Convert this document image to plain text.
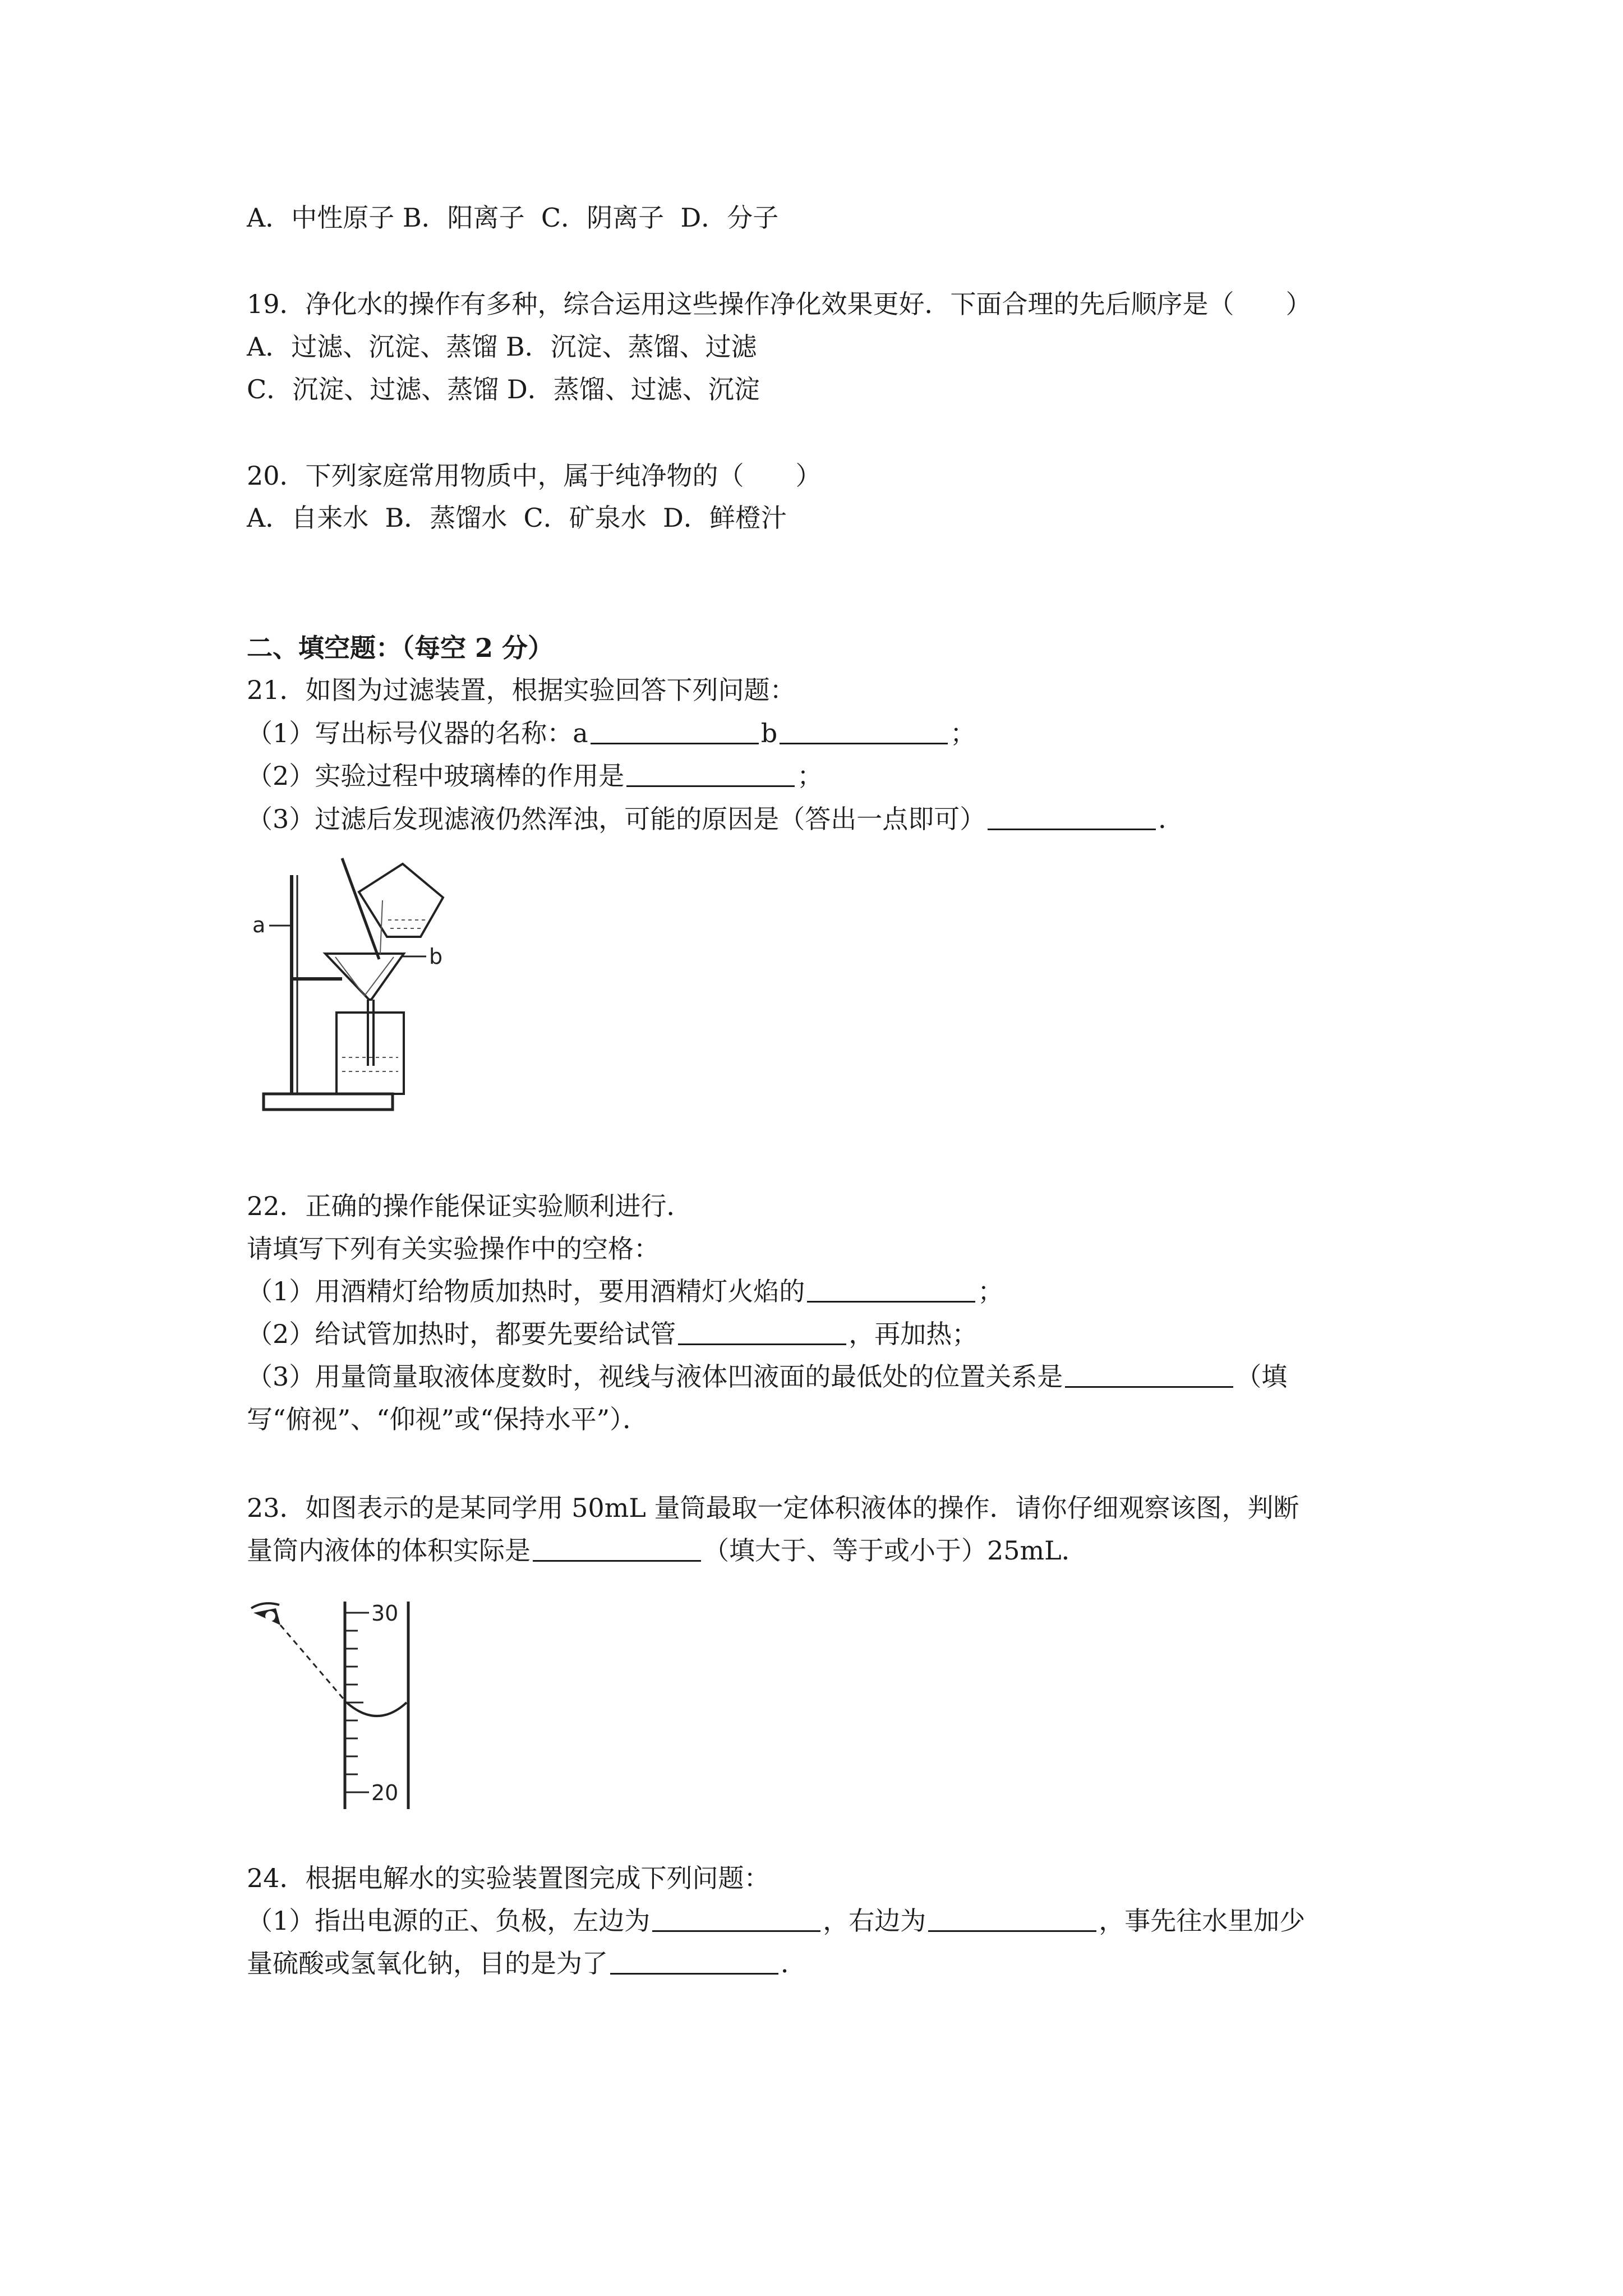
A．中性原子 B．阳离子  C．阴离子  D．分子
19．净化水的操作有多种，综合运用这些操作净化效果更好．下面合理的先后顺序是（　　）
A．过滤、沉淀、蒸馏 B．沉淀、蒸馏、过滤
C．沉淀、过滤、蒸馏 D．蒸馏、过滤、沉淀
20．下列家庭常用物质中，属于纯净物的（　　）
A．自来水  B．蒸馏水  C．矿泉水  D．鲜橙汁
二、填空题：（每空 2 分）
21．如图为过滤装置，根据实验回答下列问题：
（1）写出标号仪器的名称：a	b	；
（2）实验过程中玻璃棒的作用是	；
（3）过滤后发现滤液仍然浑浊，可能的原因是（答出一点即可）	．
a
b
22．正确的操作能保证实验顺利进行．
请填写下列有关实验操作中的空格：
（1）用酒精灯给物质加热时，要用酒精灯火焰的	；
（2）给试管加热时，都要先要给试管	，再加热；
（3）用量筒量取液体度数时，视线与液体凹液面的最低处的位置关系是	（填
写“俯视”、“仰视”或“保持水平”）．
23．如图表示的是某同学用 50mL 量筒最取一定体积液体的操作．请你仔细观察该图，判断
量筒内液体的体积实际是	（填大于、等于或小于）25mL．
30
20
24．根据电解水的实验装置图完成下列问题：
（1）指出电源的正、负极，左边为	，右边为	，事先往水里加少
量硫酸或氢氧化钠，目的是为了	．
